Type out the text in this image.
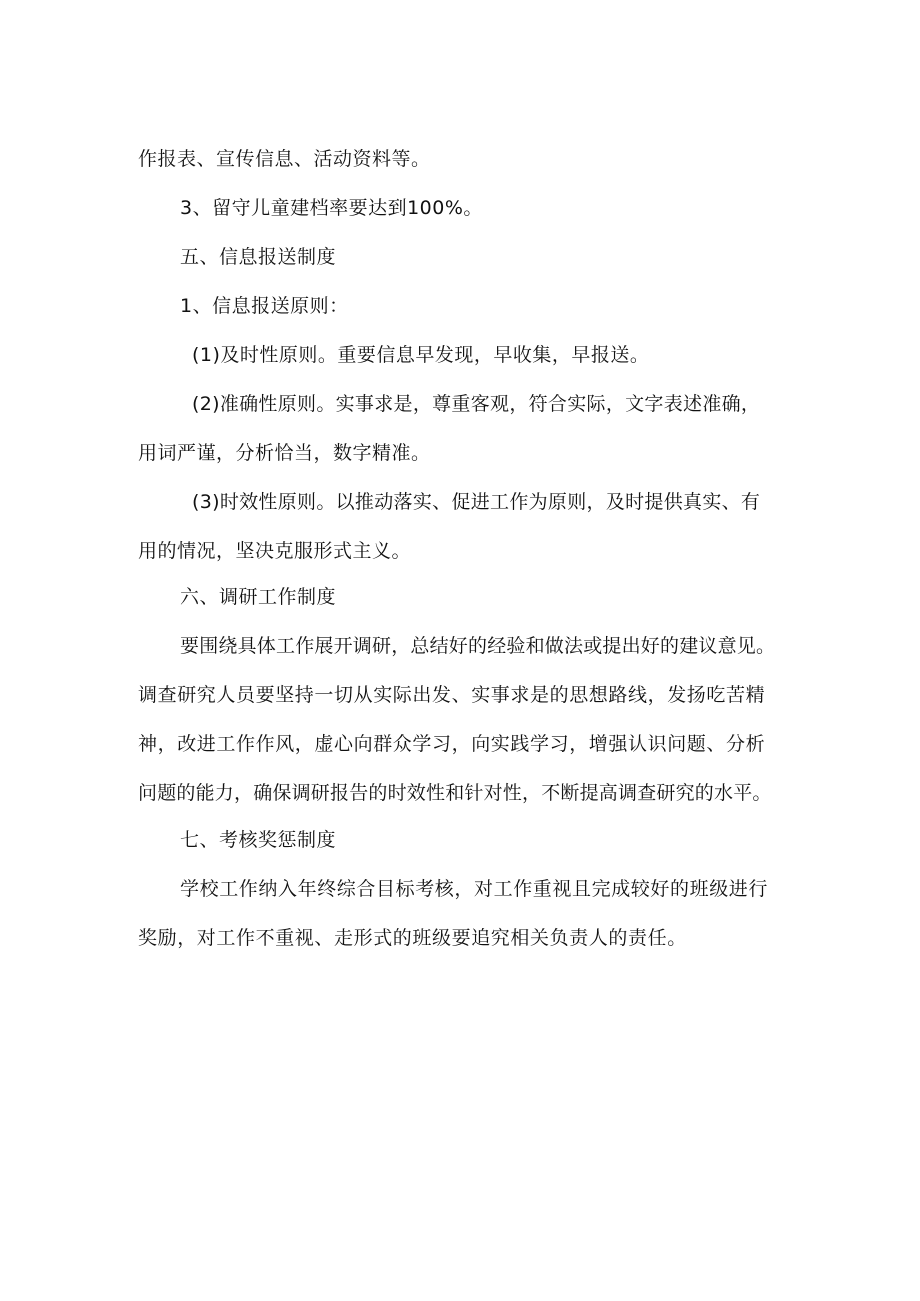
作报表、宣传信息、活动资料等。
3、留守儿童建档率要达到100%。
五、信息报送制度
1、信息报送原则：
(1)及时性原则。重要信息早发现，早收集，早报送。
(2)准确性原则。实事求是，尊重客观，符合实际，文字表述准确，
用词严谨，分析恰当，数字精准。
(3)时效性原则。以推动落实、促进工作为原则，及时提供真实、有
用的情况，坚决克服形式主义。
六、调研工作制度
要围绕具体工作展开调研，总结好的经验和做法或提出好的建议意见。
调查研究人员要坚持一切从实际出发、实事求是的思想路线，发扬吃苦精
神，改进工作作风，虚心向群众学习，向实践学习，增强认识问题、分析
问题的能力，确保调研报告的时效性和针对性，不断提高调查研究的水平。
七、考核奖惩制度
学校工作纳入年终综合目标考核，对工作重视且完成较好的班级进行
奖励，对工作不重视、走形式的班级要追究相关负责人的责任。
